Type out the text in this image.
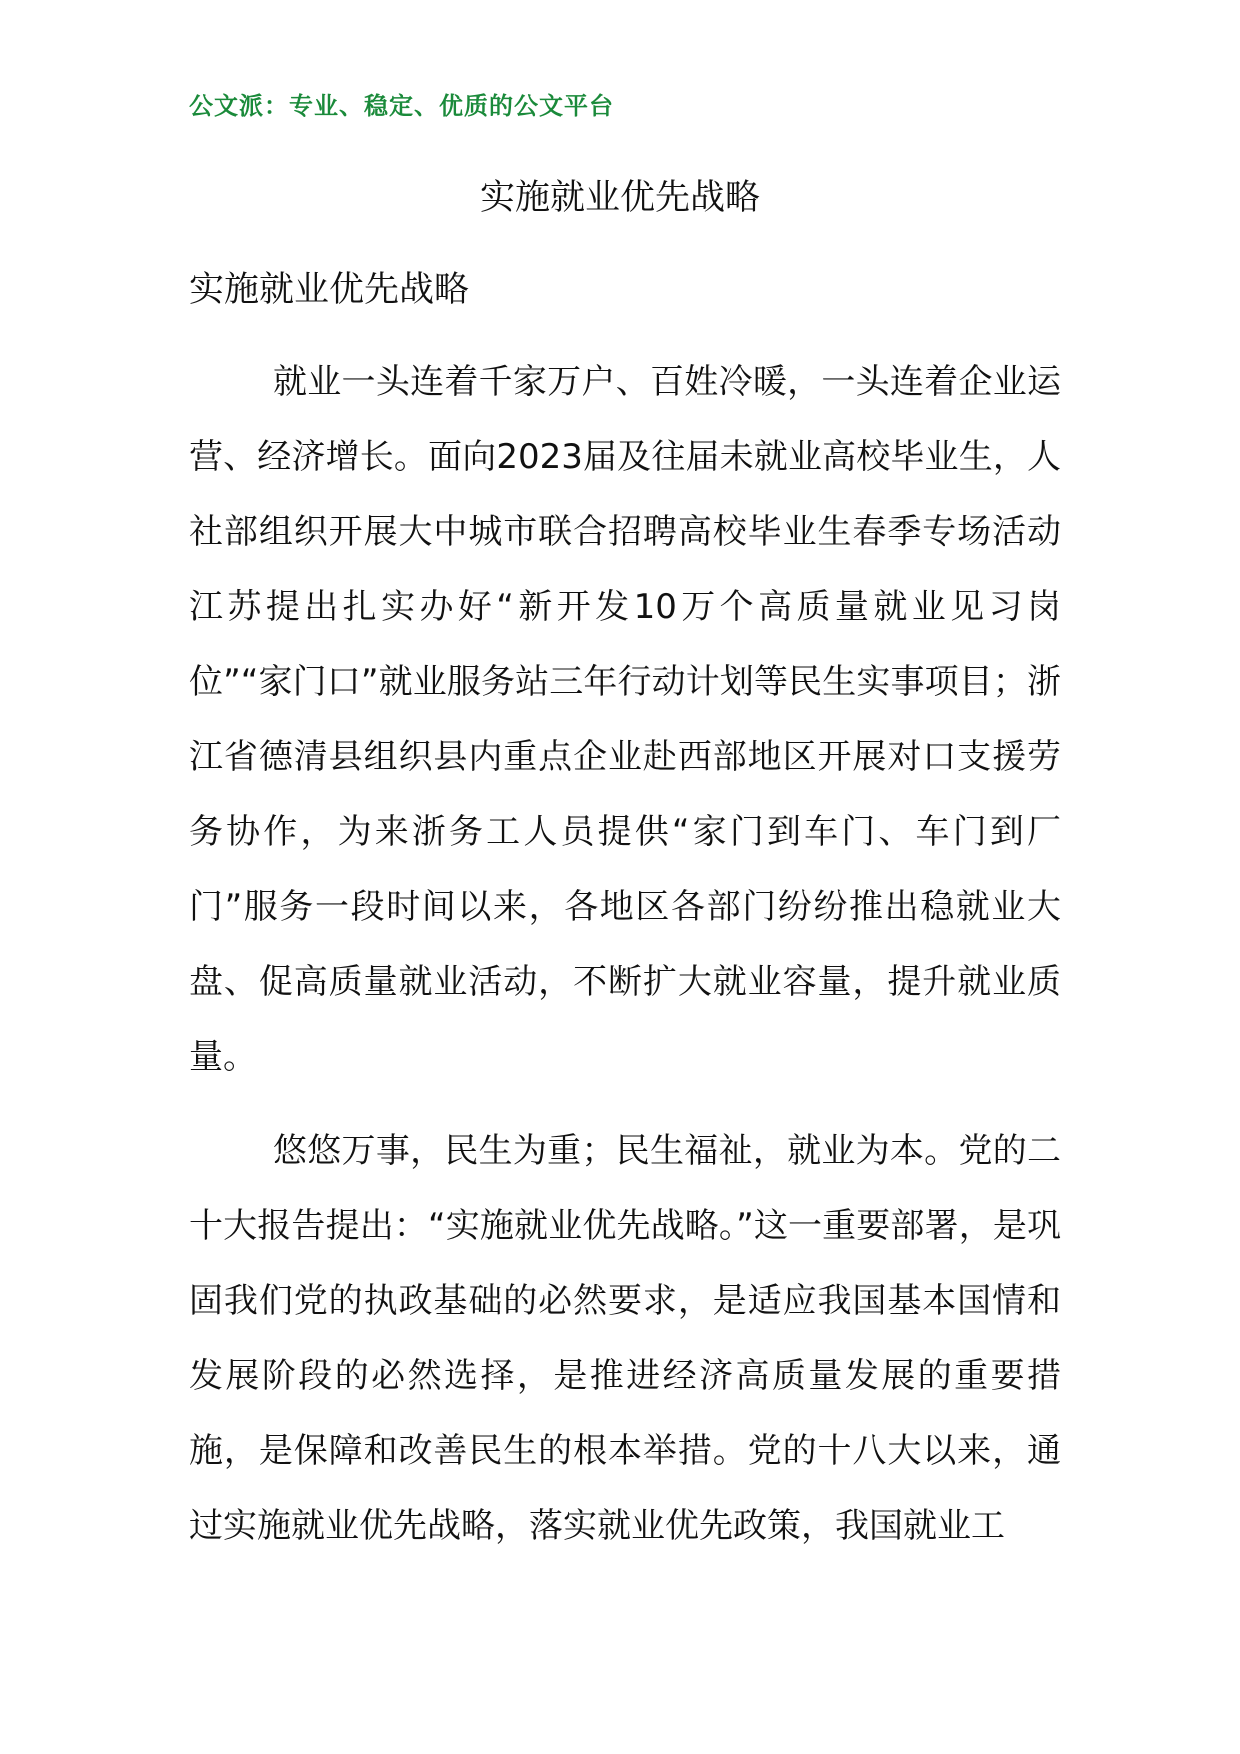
公文派：专业、稳定、优质的公文平台
实施就业优先战略
实施就业优先战略

就业一头连着千家万户、百姓冷暖，一头连着企业运营、经济增长。面向2023届及往届未就业高校毕业生，人社部组织开展大中城市联合招聘高校毕业生春季专场活动江苏提出扎实办好“新开发10万个高质量就业见习岗位”“家门口”就业服务站三年行动计划等民生实事项目；浙江省德清县组织县内重点企业赴西部地区开展对口支援劳务协作，为来浙务工人员提供“家门到车门、车门到厂门”服务一段时间以来，各地区各部门纷纷推出稳就业大盘、促高质量就业活动，不断扩大就业容量，提升就业质量。

悠悠万事，民生为重；民生福祉，就业为本。党的二十大报告提出：“实施就业优先战略。”这一重要部署，是巩固我们党的执政基础的必然要求，是适应我国基本国情和发展阶段的必然选择，是推进经济高质量发展的重要措施，是保障和改善民生的根本举措。党的十八大以来，通过实施就业优先战略，落实就业优先政策，我国就业工
